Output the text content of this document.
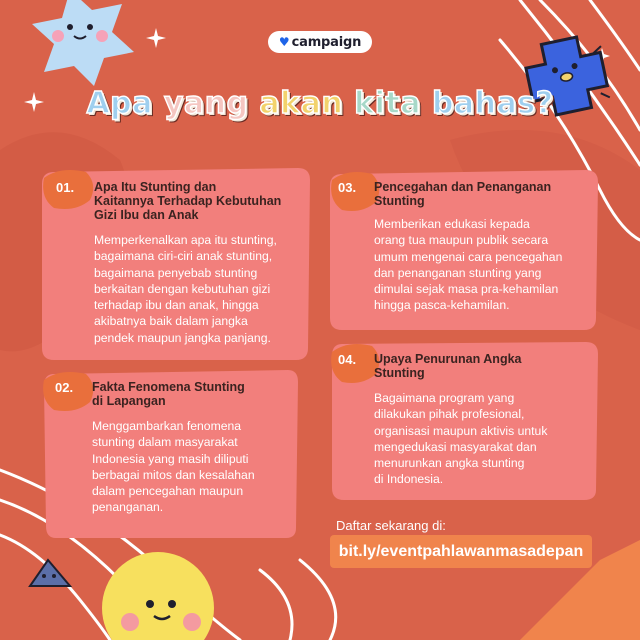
♥ campaign
Apa yang akan kita bahas?
01. Apa Itu Stunting dan
Kaitannya Terhadap Kebutuhan
Gizi Ibu dan Anak
Memperkenalkan apa itu stunting,
bagaimana ciri-ciri anak stunting,
bagaimana penyebab stunting
berkaitan dengan kebutuhan gizi
terhadap ibu dan anak, hingga
akibatnya baik dalam jangka
pendek maupun jangka panjang.
02. Fakta Fenomena Stunting
di Lapangan
Menggambarkan fenomena
stunting dalam masyarakat
Indonesia yang masih diliputi
berbagai mitos dan kesalahan
dalam pencegahan maupun
penanganan.
03. Pencegahan dan Penanganan
Stunting
Memberikan edukasi kepada
orang tua maupun publik secara
umum mengenai cara pencegahan
dan penanganan stunting yang
dimulai sejak masa pra-kehamilan
hingga pasca-kehamilan.
04. Upaya Penurunan Angka
Stunting
Bagaimana program yang
dilakukan pihak profesional,
organisasi maupun aktivis untuk
mengedukasi masyarakat dan
menurunkan angka stunting
di Indonesia.
Daftar sekarang di:
bit.ly/eventpahlawanmasadepan
